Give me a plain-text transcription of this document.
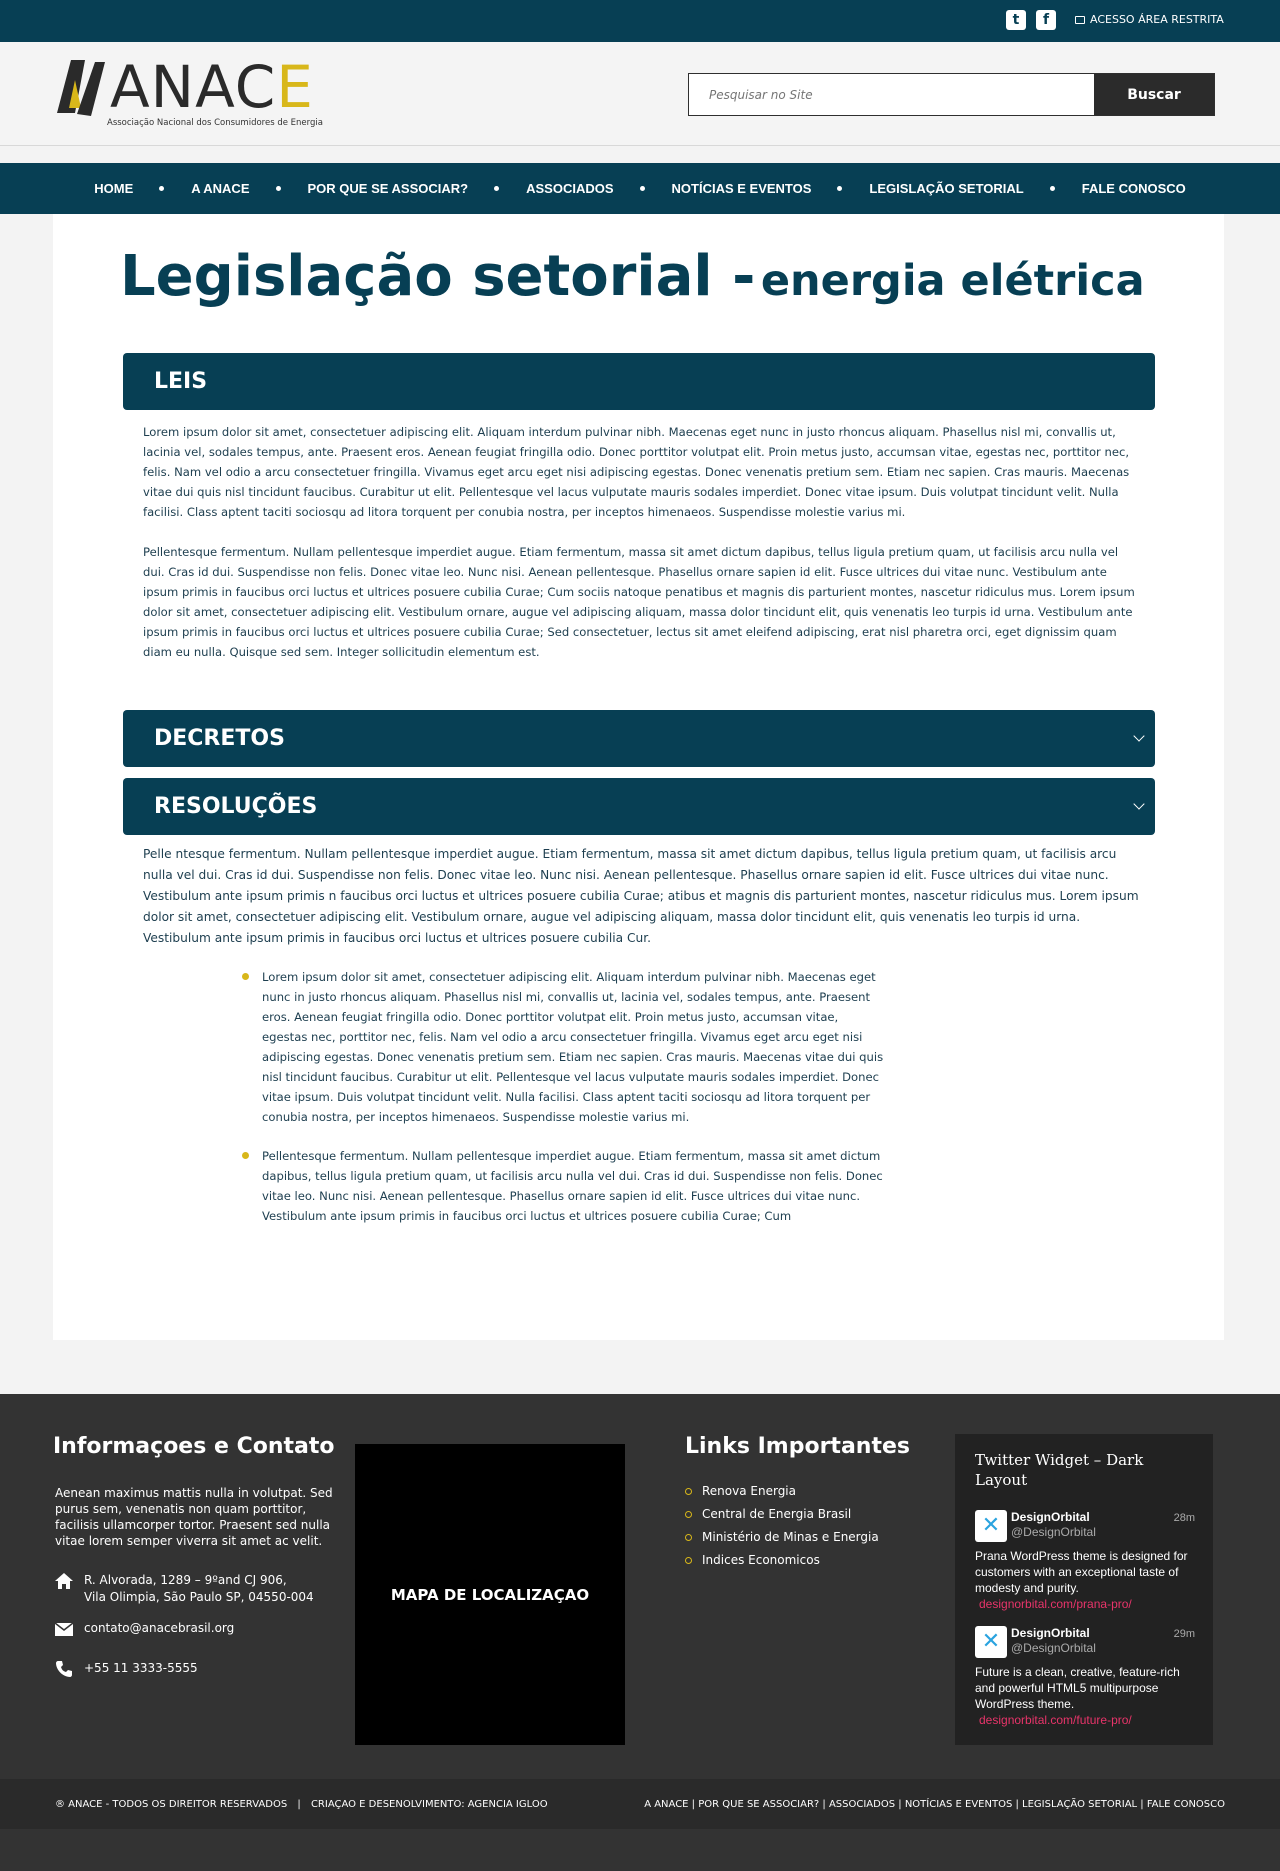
t	f	ACESSO ÁREA RESTRITA
ANACE
Associação Nacional dos Consumidores de Energia
Pesquisar no Site
Buscar
HOME	A ANACE	POR QUE SE ASSOCIAR?	ASSOCIADOS	NOTÍCIAS E EVENTOS	LEGISLAÇÃO SETORIAL	FALE CONOSCO
Legislação setorial - energia elétrica
LEIS

Lorem ipsum dolor sit amet, consectetuer adipiscing elit. Aliquam interdum pulvinar nibh. Maecenas eget nunc in justo rhoncus aliquam. Phasellus nisl mi, convallis ut, lacinia vel, sodales tempus, ante. Praesent eros. Aenean feugiat fringilla odio. Donec porttitor volutpat elit. Proin metus justo, accumsan vitae, egestas nec, porttitor nec, felis. Nam vel odio a arcu consectetuer fringilla. Vivamus eget arcu eget nisi adipiscing egestas. Donec venenatis pretium sem. Etiam nec sapien. Cras mauris. Maecenas vitae dui quis nisl tincidunt faucibus. Curabitur ut elit. Pellentesque vel lacus vulputate mauris sodales imperdiet. Donec vitae ipsum. Duis volutpat tincidunt velit. Nulla facilisi. Class aptent taciti sociosqu ad litora torquent per conubia nostra, per inceptos himenaeos. Suspendisse molestie varius mi.

Pellentesque fermentum. Nullam pellentesque imperdiet augue. Etiam fermentum, massa sit amet dictum dapibus, tellus ligula pretium quam, ut facilisis arcu nulla vel dui. Cras id dui. Suspendisse non felis. Donec vitae leo. Nunc nisi. Aenean pellentesque. Phasellus ornare sapien id elit. Fusce ultrices dui vitae nunc. Vestibulum ante ipsum primis in faucibus orci luctus et ultrices posuere cubilia Curae; Cum sociis natoque penatibus et magnis dis parturient montes, nascetur ridiculus mus. Lorem ipsum dolor sit amet, consectetuer adipiscing elit. Vestibulum ornare, augue vel adipiscing aliquam, massa dolor tincidunt elit, quis venenatis leo turpis id urna. Vestibulum ante ipsum primis in faucibus orci luctus et ultrices posuere cubilia Curae; Sed consectetuer, lectus sit amet eleifend adipiscing, erat nisl pharetra orci, eget dignissim quam diam eu nulla. Quisque sed sem. Integer sollicitudin elementum est.

DECRETOS
RESOLUÇÕES

Pelle ntesque fermentum. Nullam pellentesque imperdiet augue. Etiam fermentum, massa sit amet dictum dapibus, tellus ligula pretium quam, ut facilisis arcu nulla vel dui. Cras id dui. Suspendisse non felis. Donec vitae leo. Nunc nisi. Aenean pellentesque. Phasellus ornare sapien id elit. Fusce ultrices dui vitae nunc. Vestibulum ante ipsum primis n faucibus orci luctus et ultrices posuere cubilia Curae; atibus et magnis dis parturient montes, nascetur ridiculus mus. Lorem ipsum dolor sit amet, consectetuer adipiscing elit. Vestibulum ornare, augue vel adipiscing aliquam, massa dolor tincidunt elit, quis venenatis leo turpis id urna. Vestibulum ante ipsum primis in faucibus orci luctus et ultrices posuere cubilia Cur.

Lorem ipsum dolor sit amet, consectetuer adipiscing elit. Aliquam interdum pulvinar nibh. Maecenas eget nunc in justo rhoncus aliquam. Phasellus nisl mi, convallis ut, lacinia vel, sodales tempus, ante. Praesent eros. Aenean feugiat fringilla odio. Donec porttitor volutpat elit. Proin metus justo, accumsan vitae, egestas nec, porttitor nec, felis. Nam vel odio a arcu consectetuer fringilla. Vivamus eget arcu eget nisi adipiscing egestas. Donec venenatis pretium sem. Etiam nec sapien. Cras mauris. Maecenas vitae dui quis nisl tincidunt faucibus. Curabitur ut elit. Pellentesque vel lacus vulputate mauris sodales imperdiet. Donec vitae ipsum. Duis volutpat tincidunt velit. Nulla facilisi. Class aptent taciti sociosqu ad litora torquent per conubia nostra, per inceptos himenaeos. Suspendisse molestie varius mi.
Pellentesque fermentum. Nullam pellentesque imperdiet augue. Etiam fermentum, massa sit amet dictum dapibus, tellus ligula pretium quam, ut facilisis arcu nulla vel dui. Cras id dui. Suspendisse non felis. Donec vitae leo. Nunc nisi. Aenean pellentesque. Phasellus ornare sapien id elit. Fusce ultrices dui vitae nunc. Vestibulum ante ipsum primis in faucibus orci luctus et ultrices posuere cubilia Curae; Cum
Informaçoes e Contato

Aenean maximus mattis nulla in volutpat. Sed purus sem, venenatis non quam porttitor, facilisis ullamcorper tortor. Praesent sed nulla vitae lorem semper viverra sit amet ac velit.

R. Alvorada, 1289 – 9ºand CJ 906,
Vila Olimpia, São Paulo SP, 04550-004
contato@anacebrasil.org
+55 11 3333-5555
MAPA DE LOCALIZAÇAO
Links Importantes
Renova Energia
Central de Energia Brasil
Ministério de Minas e Energia
Indices Economicos
Twitter Widget – Dark Layout
✕ DesignOrbital
@DesignOrbital
28m
Prana WordPress theme is designed for customers with an exceptional taste of modesty and purity.
designorbital.com/prana-pro/
✕ DesignOrbital
@DesignOrbital
29m
Future is a clean, creative, feature-rich and powerful HTML5 multipurpose WordPress theme.
designorbital.com/future-pro/
® ANACE - TODOS OS DIREITOR RESERVADOS | CRIAÇAO E DESENOLVIMENTO: AGENCIA IGLOO	A ANACE | POR QUE SE ASSOCIAR? | ASSOCIADOS | NOTÍCIAS E EVENTOS | LEGISLAÇÃO SETORIAL | FALE CONOSCO
